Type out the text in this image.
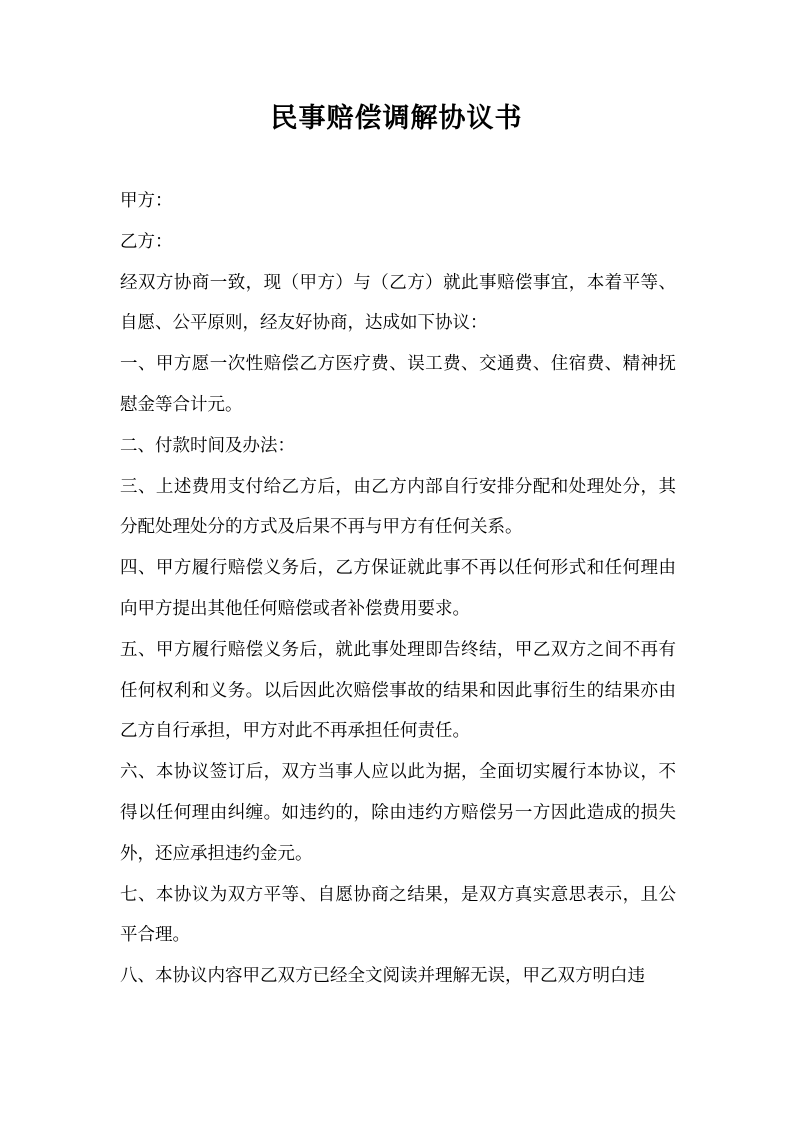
民事赔偿调解协议书

甲方：

乙方：

经双方协商一致，现（甲方）与（乙方）就此事赔偿事宜，本着平等、自愿、公平原则，经友好协商，达成如下协议：

一、甲方愿一次性赔偿乙方医疗费、误工费、交通费、住宿费、精神抚慰金等合计元。

二、付款时间及办法：

三、上述费用支付给乙方后，由乙方内部自行安排分配和处理处分，其分配处理处分的方式及后果不再与甲方有任何关系。

四、甲方履行赔偿义务后，乙方保证就此事不再以任何形式和任何理由向甲方提出其他任何赔偿或者补偿费用要求。

五、甲方履行赔偿义务后，就此事处理即告终结，甲乙双方之间不再有任何权利和义务。以后因此次赔偿事故的结果和因此事衍生的结果亦由乙方自行承担，甲方对此不再承担任何责任。

六、本协议签订后，双方当事人应以此为据，全面切实履行本协议，不得以任何理由纠缠。如违约的，除由违约方赔偿另一方因此造成的损失外，还应承担违约金元。

七、本协议为双方平等、自愿协商之结果，是双方真实意思表示，且公平合理。

八、本协议内容甲乙双方已经全文阅读并理解无误，甲乙双方明白违
